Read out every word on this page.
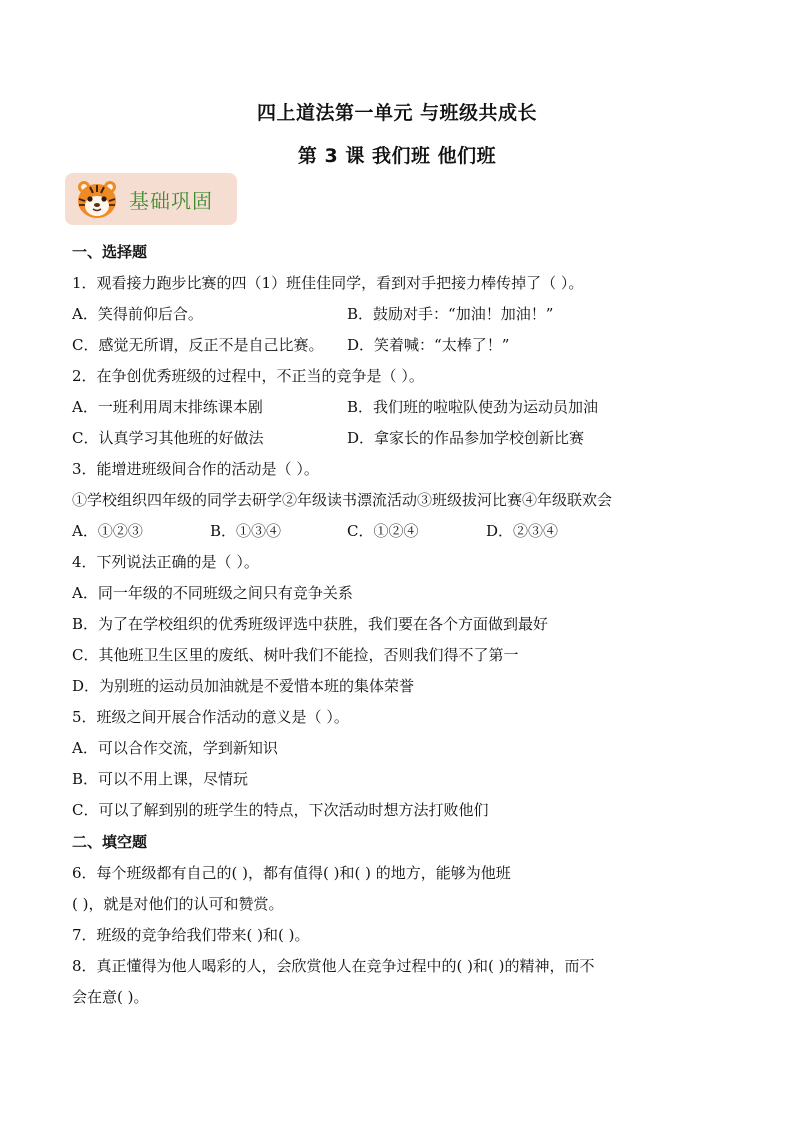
四上道法第一单元 与班级共成长
第 3 课 我们班 他们班
基础巩固
一、选择题
1．观看接力跑步比赛的四（1）班佳佳同学，看到对手把接力棒传掉了（ ）。
A．笑得前仰后合。	B．鼓励对手：“加油！加油！”
C．感觉无所谓，反正不是自己比赛。 D．笑着喊：“太棒了！”
2．在争创优秀班级的过程中，不正当的竞争是（ ）。
A．一班利用周末排练课本剧	B．我们班的啦啦队使劲为运动员加油
C．认真学习其他班的好做法	D．拿家长的作品参加学校创新比赛
3．能增进班级间合作的活动是（ ）。
①学校组织四年级的同学去研学②年级读书漂流活动③班级拔河比赛④年级联欢会
A．①②③	B．①③④	C．①②④	D．②③④
4．下列说法正确的是（ ）。
A．同一年级的不同班级之间只有竞争关系
B．为了在学校组织的优秀班级评选中获胜，我们要在各个方面做到最好
C．其他班卫生区里的废纸、树叶我们不能捡，否则我们得不了第一
D．为别班的运动员加油就是不爱惜本班的集体荣誉
5．班级之间开展合作活动的意义是（ ）。
A．可以合作交流，学到新知识
B．可以不用上课，尽情玩
C．可以了解到别的班学生的特点，下次活动时想方法打败他们
二、填空题
6．每个班级都有自己的( )，都有值得( )和( ) 的地方，能够为他班
( )，就是对他们的认可和赞赏。
7．班级的竞争给我们带来( )和( )。
8．真正懂得为他人喝彩的人，会欣赏他人在竞争过程中的( )和( )的精神，而不
会在意( )。
